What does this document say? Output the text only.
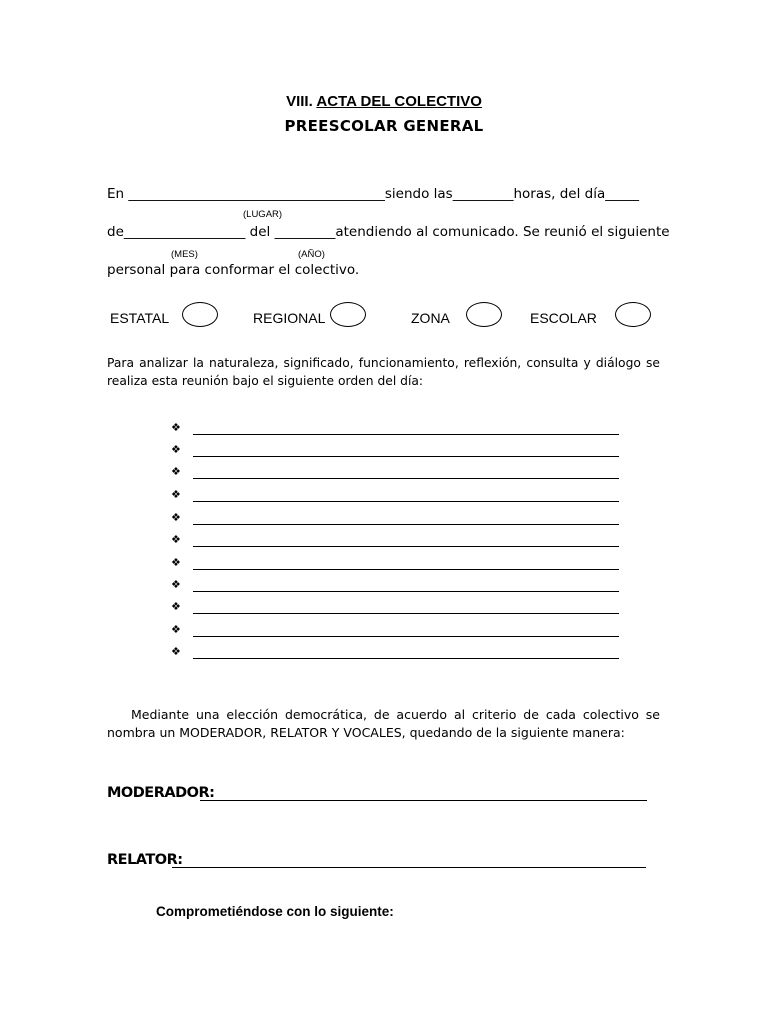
VIII. ACTA DEL COLECTIVO
PREESCOLAR GENERAL
En ______________________________________siendo las_________horas, del día_____
(LUGAR)
de__________________ del _________atendiendo al comunicado. Se reunió el siguiente
(MES)	(AÑO)
personal para conformar el colectivo.
ESTATAL	REGIONAL	ZONA	ESCOLAR
Para analizar la naturaleza, significado, funcionamiento, reflexión, consulta y diálogo se realiza esta reunión bajo el siguiente orden del día:
❖
❖
❖
❖
❖
❖
❖
❖
❖
❖
❖
Mediante una elección democrática, de acuerdo al criterio de cada colectivo se nombra un MODERADOR, RELATOR Y VOCALES, quedando de la siguiente manera:
MODERADOR:
RELATOR:
Comprometiéndose con lo siguiente:
